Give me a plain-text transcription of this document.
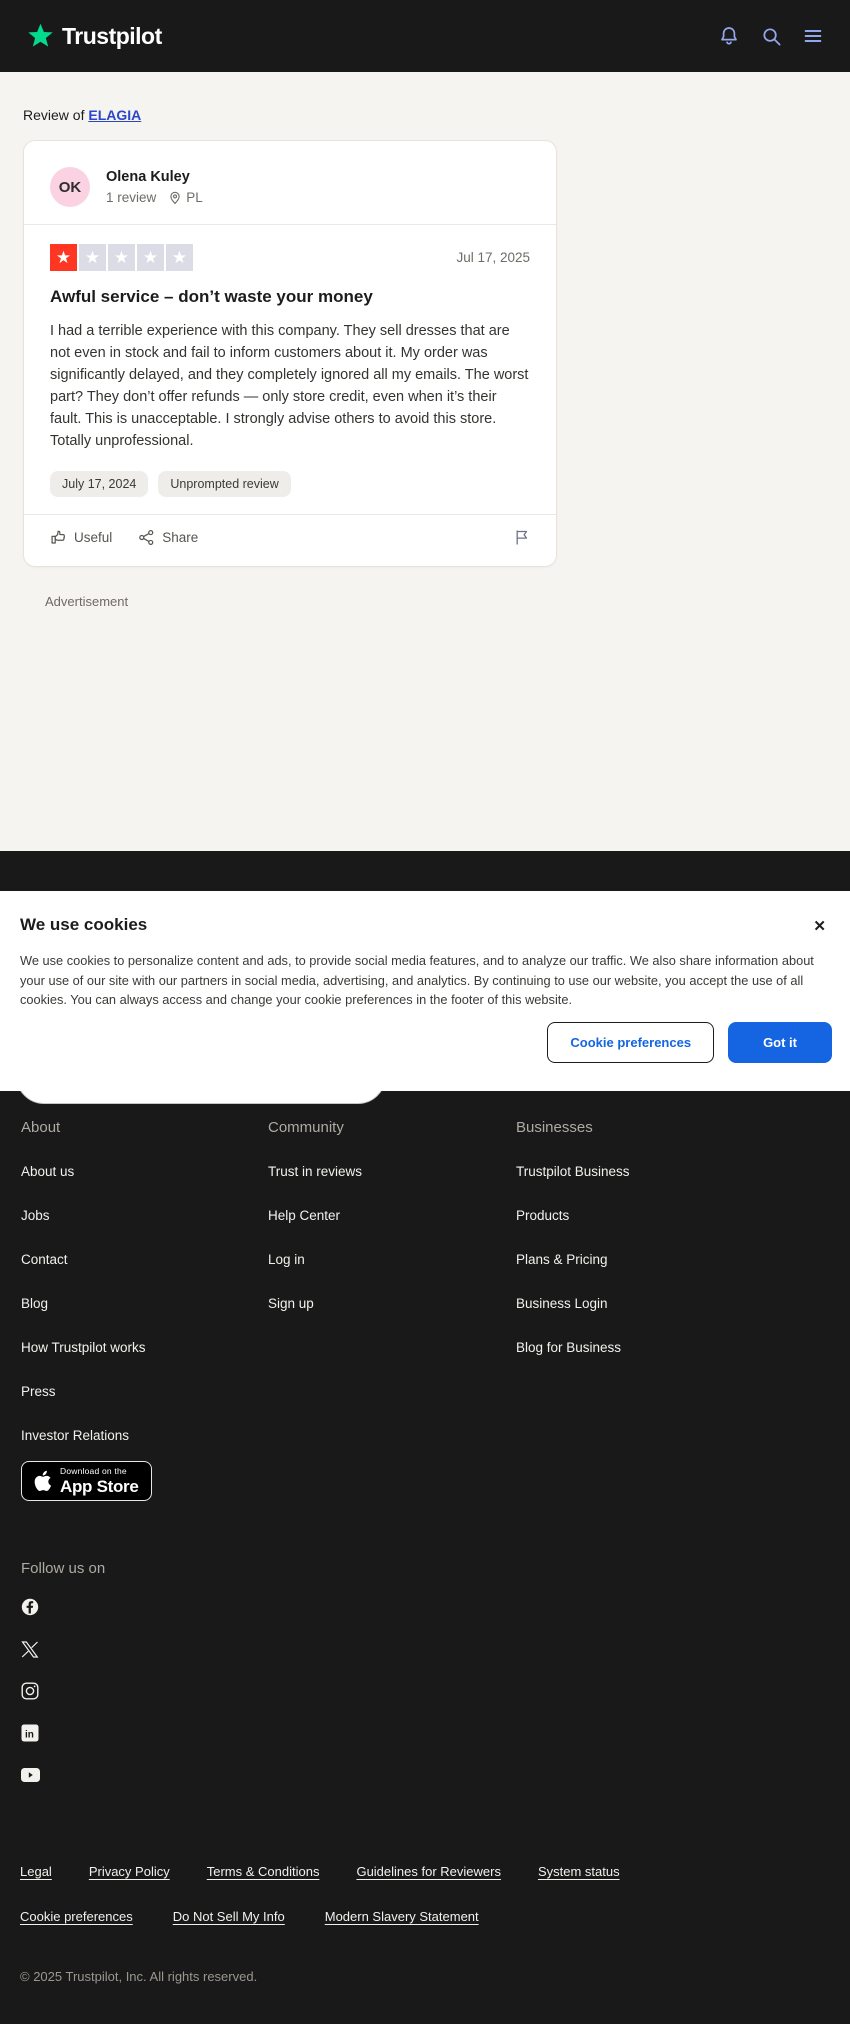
Trustpilot
Review of ELAGIA
OK
Olena Kuley
1 review PL
★
★
★
★
★
Jul 17, 2025
Awful service – don’t waste your money

I had a terrible experience with this company. They sell dresses that are not even in stock and fail to inform customers about it. My order was significantly delayed, and they completely ignored all my emails. The worst part? They don’t offer refunds — only store credit, even when it’s their fault. This is unacceptable. I strongly advise others to avoid this store. Totally unprofessional.

July 17, 2024	Unprompted review
Useful	Share
Advertisement
We use cookies	✕

We use cookies to personalize content and ads, to provide social media features, and to analyze our traffic. We also share information about your use of our site with our partners in social media, advertising, and analytics. By continuing to use our website, you accept the use of all cookies. You can always access and change your cookie preferences in the footer of this website.

Cookie preferences	Got it
About
About us
Jobs
Contact
Blog
How Trustpilot works
Press
Investor Relations
Download on the
App Store
Follow us on
in
Community
Trust in reviews
Help Center
Log in
Sign up
Businesses
Trustpilot Business
Products
Plans & Pricing
Business Login
Blog for Business
Legal	Privacy Policy	Terms & Conditions	Guidelines for Reviewers	System status
Cookie preferences	Do Not Sell My Info	Modern Slavery Statement
© 2025 Trustpilot, Inc. All rights reserved.
